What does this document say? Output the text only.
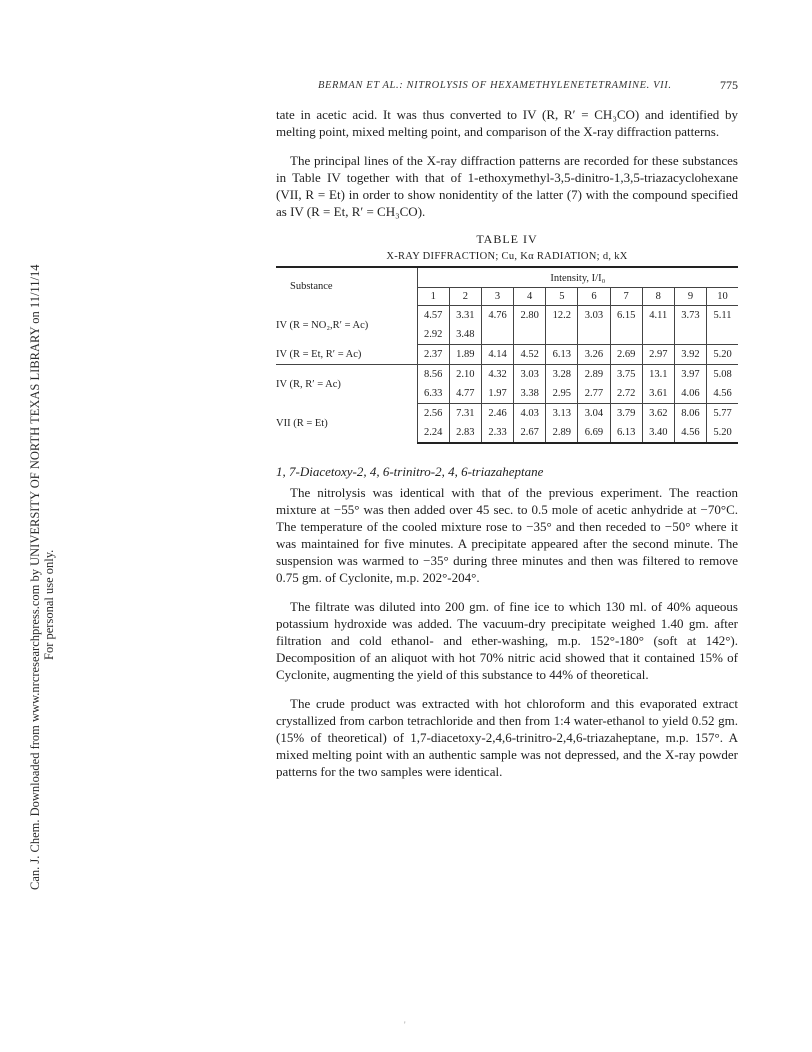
Can. J. Chem. Downloaded from www.nrcresearchpress.com by UNIVERSITY OF NORTH TEXAS LIBRARY on 11/11/14 For personal use only.
BERMAN ET AL.: NITROLYSIS OF HEXAMETHYLENETETRAMINE. VII.	775

tate in acetic acid. It was thus converted to IV (R, R′ = CH₃CO) and identified by melting point, mixed melting point, and comparison of the X-ray diffraction patterns.

The principal lines of the X-ray diffraction patterns are recorded for these substances in Table IV together with that of 1-ethoxymethyl-3,5-dinitro-1,3,5-triazacyclohexane (VII, R = Et) in order to show nonidentity of the latter (7) with the compound specified as IV (R = Et, R′ = CH₃CO).

TABLE IV
X-RAY DIFFRACTION; Cu, Kα RADIATION; d, kX

Substance	Intensity, I/I₀									
	1	2	3	4	5	6	7	8	9	10
IV (R = NO₂,R′ = Ac)	4.57	3.31	4.76	2.80	12.2	3.03	6.15	4.11	3.73	5.11
	2.92	3.48								
IV (R = Et, R′ = Ac)	2.37	1.89	4.14	4.52	6.13	3.26	2.69	2.97	3.92	5.20
IV (R, R′ = Ac)	8.56	2.10	4.32	3.03	3.28	2.89	3.75	13.1	3.97	5.08
	6.33	4.77	1.97	3.38	2.95	2.77	2.72	3.61	4.06	4.56
VII (R = Et)	2.56	7.31	2.46	4.03	3.13	3.04	3.79	3.62	8.06	5.77
	2.24	2.83	2.33	2.67	2.89	6.69	6.13	3.40	4.56	5.20
1, 7-Diacetoxy-2, 4, 6-trinitro-2, 4, 6-triazaheptane

The nitrolysis was identical with that of the previous experiment. The reaction mixture at −55° was then added over 45 sec. to 0.5 mole of acetic anhydride at −70°C. The temperature of the cooled mixture rose to −35° and then receded to −50° where it was maintained for five minutes. A precipitate appeared after the second minute. The suspension was warmed to −35° during three minutes and then was filtered to remove 0.75 gm. of Cyclonite, m.p. 202°-204°.

The filtrate was diluted into 200 gm. of fine ice to which 130 ml. of 40% aqueous potassium hydroxide was added. The vacuum-dry precipitate weighed 1.40 gm. after filtration and cold ethanol- and ether-washing, m.p. 152°-180° (soft at 142°). Decomposition of an aliquot with hot 70% nitric acid showed that it contained 15% of Cyclonite, augmenting the yield of this substance to 44% of theoretical.

The crude product was extracted with hot chloroform and this evaporated extract crystallized from carbon tetrachloride and then from 1:4 water-ethanol to yield 0.52 gm. (15% of theoretical) of 1,7-diacetoxy-2,4,6-trinitro-2,4,6-triazaheptane, m.p. 157°. A mixed melting point with an authentic sample was not depressed, and the X-ray powder patterns for the two samples were identical.

'
